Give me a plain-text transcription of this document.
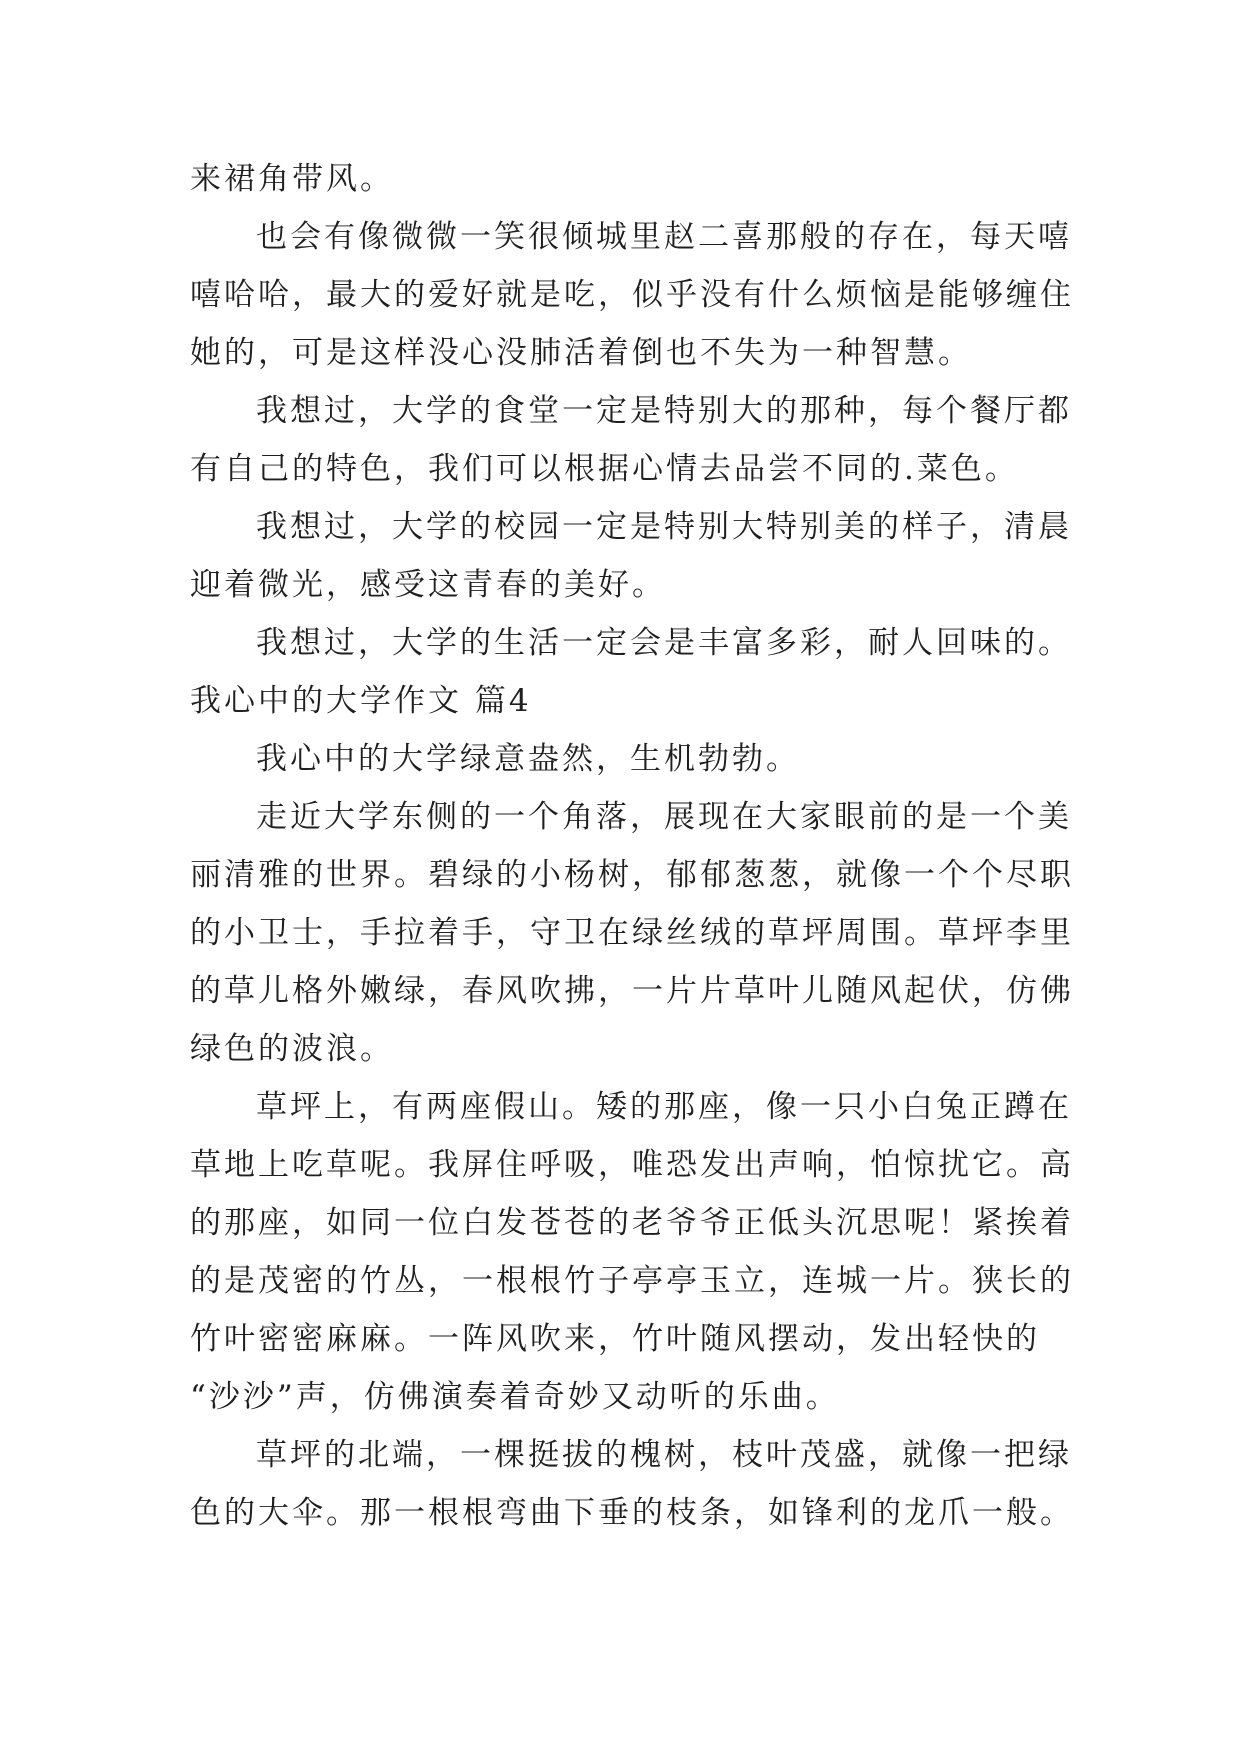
来裙角带风。
也会有像微微一笑很倾城里赵二喜那般的存在，每天嘻
嘻哈哈，最大的爱好就是吃，似乎没有什么烦恼是能够缠住
她的，可是这样没心没肺活着倒也不失为一种智慧。
我想过，大学的食堂一定是特别大的那种，每个餐厅都
有自己的特色，我们可以根据心情去品尝不同的.菜色。
我想过，大学的校园一定是特别大特别美的样子，清晨
迎着微光，感受这青春的美好。
我想过，大学的生活一定会是丰富多彩，耐人回味的。
我心中的大学作文 篇4
我心中的大学绿意盎然，生机勃勃。
走近大学东侧的一个角落，展现在大家眼前的是一个美
丽清雅的世界。碧绿的小杨树，郁郁葱葱，就像一个个尽职
的小卫士，手拉着手，守卫在绿丝绒的草坪周围。草坪李里
的草儿格外嫩绿，春风吹拂，一片片草叶儿随风起伏，仿佛
绿色的波浪。
草坪上，有两座假山。矮的那座，像一只小白兔正蹲在
草地上吃草呢。我屏住呼吸，唯恐发出声响，怕惊扰它。高
的那座，如同一位白发苍苍的老爷爷正低头沉思呢！紧挨着
的是茂密的竹丛，一根根竹子亭亭玉立，连城一片。狭长的
竹叶密密麻麻。一阵风吹来，竹叶随风摆动，发出轻快的
“沙沙”声，仿佛演奏着奇妙又动听的乐曲。
草坪的北端，一棵挺拔的槐树，枝叶茂盛，就像一把绿
色的大伞。那一根根弯曲下垂的枝条，如锋利的龙爪一般。
